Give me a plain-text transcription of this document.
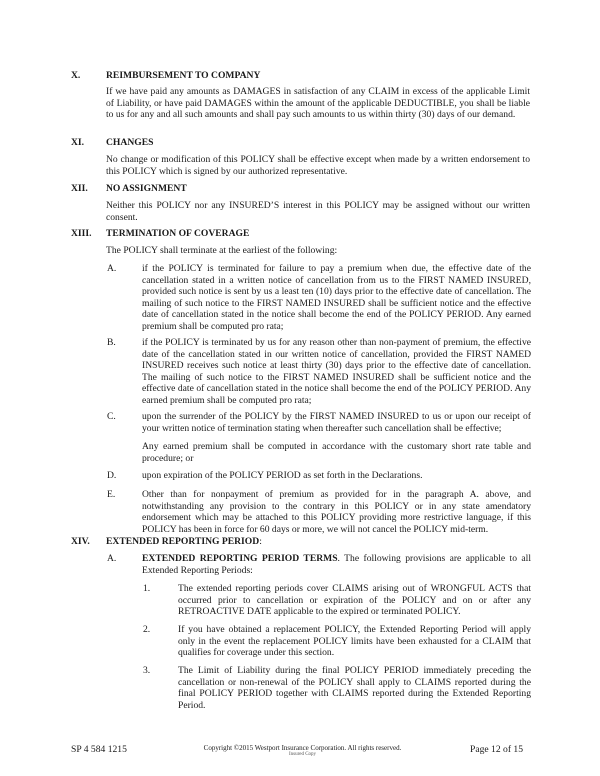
X.	REIMBURSEMENT TO COMPANY

If we have paid any amounts as DAMAGES in satisfaction of any CLAIM in excess of the applicable Limit of Liability, or have paid DAMAGES within the amount of the applicable DEDUCTIBLE, you shall be liable to us for any and all such amounts and shall pay such amounts to us within thirty (30) days of our demand.

XI. CHANGES

No change or modification of this POLICY shall be effective except when made by a written endorsement to this POLICY which is signed by our authorized representative.

XII. NO ASSIGNMENT

Neither this POLICY nor any INSURED’S interest in this POLICY may be assigned without our written consent.

XIII. TERMINATION OF COVERAGE

The POLICY shall terminate at the earliest of the following:

A.	if the POLICY is terminated for failure to pay a premium when due, the effective date of the cancellation stated in a written notice of cancellation from us to the FIRST NAMED INSURED, provided such notice is sent by us a least ten (10) days prior to the effective date of cancellation. The mailing of such notice to the FIRST NAMED INSURED shall be sufficient notice and the effective date of cancellation stated in the notice shall become the end of the POLICY PERIOD. Any earned premium shall be computed pro rata;

B.	if the POLICY is terminated by us for any reason other than non-payment of premium, the effective date of the cancellation stated in our written notice of cancellation, provided the FIRST NAMED INSURED receives such notice at least thirty (30) days prior to the effective date of cancellation. The mailing of such notice to the FIRST NAMED INSURED shall be sufficient notice and the effective date of cancellation stated in the notice shall become the end of the POLICY PERIOD. Any earned premium shall be computed pro rata;

C.	upon the surrender of the POLICY by the FIRST NAMED INSURED to us or upon our receipt of your written notice of termination stating when thereafter such cancellation shall be effective;

Any earned premium shall be computed in accordance with the customary short rate table and procedure; or

D.	upon expiration of the POLICY PERIOD as set forth in the Declarations.

E.	Other than for nonpayment of premium as provided for in the paragraph A. above, and notwithstanding any provision to the contrary in this POLICY or in any state amendatory endorsement which may be attached to this POLICY providing more restrictive language, if this POLICY has been in force for 60 days or more, we will not cancel the POLICY mid-term.

XIV. EXTENDED REPORTING PERIOD:
A.	EXTENDED REPORTING PERIOD TERMS. The following provisions are applicable to all Extended Reporting Periods:

1.	The extended reporting periods cover CLAIMS arising out of WRONGFUL ACTS that occurred prior to cancellation or expiration of the POLICY and on or after any RETROACTIVE DATE applicable to the expired or terminated POLICY.

2.	If you have obtained a replacement POLICY, the Extended Reporting Period will apply only in the event the replacement POLICY limits have been exhausted for a CLAIM that qualifies for coverage under this section.

3.	The Limit of Liability during the final POLICY PERIOD immediately preceding the cancellation or non-renewal of the POLICY shall apply to CLAIMS reported during the final POLICY PERIOD together with CLAIMS reported during the Extended Reporting Period.

SP 4 584 1215	Copyright ©2015 Westport Insurance Corporation. All rights reserved.
Insured Copy	Page 12 of 15
